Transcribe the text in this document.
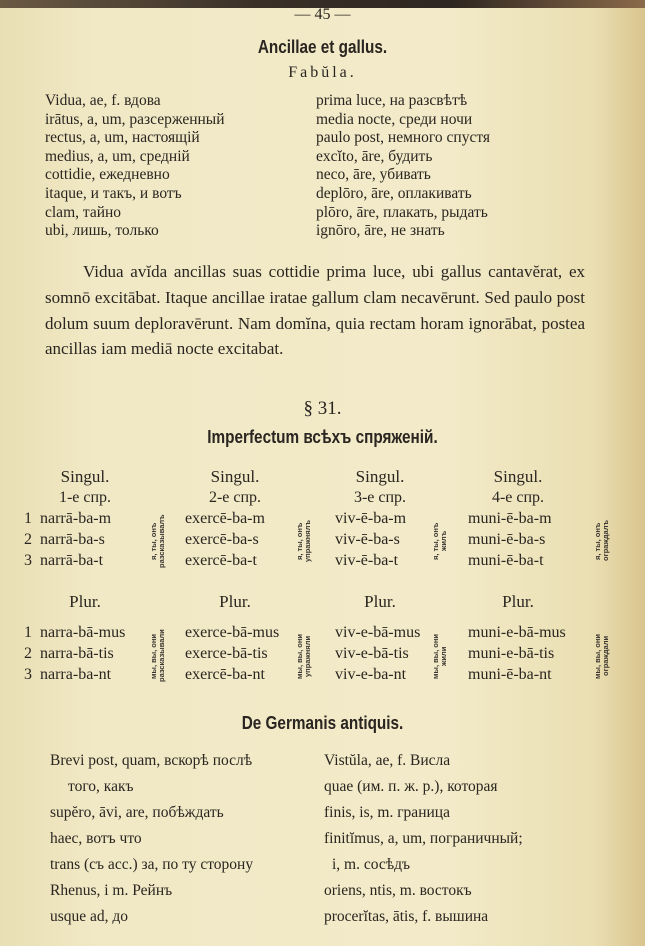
— 45 —
Ancillae et gallus.
Fabŭla.
Vidua, ae, f. вдова
irātus, a, um, разсерженный
rectus, a, um, настоящій
medius, a, um, средній
cottidie, ежедневно
itaque, и такъ, и вотъ
clam, тайно
ubi, лишь, только
prima luce, на разсвѣтѣ
media nocte, среди ночи
paulo post, немного спустя
excĭto, āre, будить
neco, āre, убивать
deplōro, āre, оплакивать
plōro, āre, плакать, рыдать
ignōro, āre, не знать

Vidua avĭda ancillas suas cottidie prima luce, ubi gallus cantavĕrat, ex somnō excitābat. Itaque ancillae iratae gallum clam necavērunt. Sed paulo post dolum suum deploravērunt. Nam domĭna, quia rectam horam ignorābat, postea ancillas iam mediā nocte excitabat.

§ 31.
Imperfectum всѣхъ спряженій.
Singul.
1-е спр.
Plur.
narrā-ba-m
narra-bā-mus
narrā-ba-s
narra-bā-tis
narrā-ba-t
narra-ba-nt
я, ты, онъ
разсказывалъ
мы, вы, они
разсказывали
Singul.
2-е спр.
Plur.
exercē-ba-m
exerce-bā-mus
exercē-ba-s
exerce-bā-tis
exercē-ba-t
exercē-ba-nt
я, ты, онъ
упражнялъ
мы, вы, они
упражняли
Singul.
3-е спр.
Plur.
viv-ē-ba-m
viv-e-bā-mus
viv-ē-ba-s
viv-e-bā-tis
viv-ē-ba-t
viv-e-ba-nt
я, ты, онъ
жилъ
мы, вы, они
жили
Singul.
4-е спр.
Plur.
muni-ē-ba-m
muni-e-bā-mus
muni-ē-ba-s
muni-e-bā-tis
muni-ē-ba-t
muni-ē-ba-nt
я, ты, онъ
ограждалъ
мы, вы, они
ограждали
1
1
2
2
3
3
De Germanis antiquis.
Brevi post, quam, вскорѣ послѣ
того, какъ
supĕro, āvi, are, побѣждать
haec, вотъ что
trans (съ acc.) за, по ту сторону
Rhenus, i m. Рейнъ
usque ad, до
Vistŭla, ae, f. Висла
quae (им. п. ж. р.), которая
finis, is, m. граница
finitĭmus, a, um, пограничный;
i, m. сосѣдъ
oriens, ntis, m. востокъ
procerĭtas, ātis, f. вышина
